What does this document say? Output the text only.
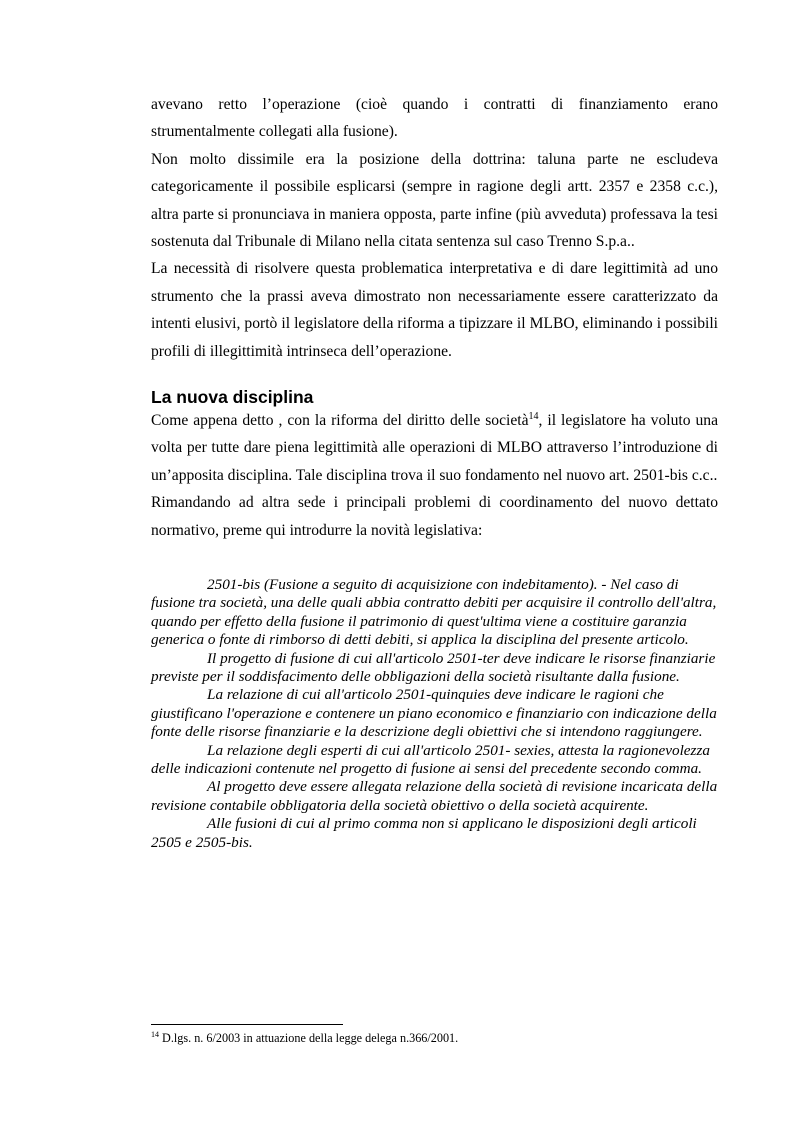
avevano retto l’operazione (cioè quando i contratti di finanziamento erano strumentalmente collegati alla fusione).

Non molto dissimile era la posizione della dottrina: taluna parte ne escludeva categoricamente il possibile esplicarsi (sempre in ragione degli artt. 2357 e 2358 c.c.), altra parte si pronunciava in maniera opposta, parte infine (più avveduta) professava la tesi sostenuta dal Tribunale di Milano nella citata sentenza sul caso Trenno S.p.a..

La necessità di risolvere questa problematica interpretativa e di dare legittimità ad uno strumento che la prassi aveva dimostrato non necessariamente essere caratterizzato da intenti elusivi, portò il legislatore della riforma a tipizzare il MLBO, eliminando i possibili profili di illegittimità intrinseca dell’operazione.

La nuova disciplina

Come appena detto , con la riforma del diritto delle società$^{14}$, il legislatore ha voluto una volta per tutte dare piena legittimità alle operazioni di MLBO attraverso l’introduzione di un’apposita disciplina. Tale disciplina trova il suo fondamento nel nuovo art. 2501-bis c.c..

Rimandando ad altra sede i principali problemi di coordinamento del nuovo dettato normativo, preme qui introdurre la novità legislativa:

2501-bis (Fusione a seguito di acquisizione con indebitamento). - Nel caso di fusione tra società, una delle quali abbia contratto debiti per acquisire il controllo dell'altra, quando per effetto della fusione il patrimonio di quest'ultima viene a costituire garanzia generica o fonte di rimborso di detti debiti, si applica la disciplina del presente articolo.

Il progetto di fusione di cui all'articolo 2501-ter deve indicare le risorse finanziarie previste per il soddisfacimento delle obbligazioni della società risultante dalla fusione.

La relazione di cui all'articolo 2501-quinquies deve indicare le ragioni che giustificano l'operazione e contenere un piano economico e finanziario con indicazione della fonte delle risorse finanziarie e la descrizione degli obiettivi che si intendono raggiungere.

La relazione degli esperti di cui all'articolo 2501- sexies, attesta la ragionevolezza delle indicazioni contenute nel progetto di fusione ai sensi del precedente secondo comma.

Al progetto deve essere allegata relazione della società di revisione incaricata della revisione contabile obbligatoria della società obiettivo o della società acquirente.

Alle fusioni di cui al primo comma non si applicano le disposizioni degli articoli 2505 e 2505-bis.

$^{14}$ D.lgs. n. 6/2003 in attuazione della legge delega n.366/2001.
